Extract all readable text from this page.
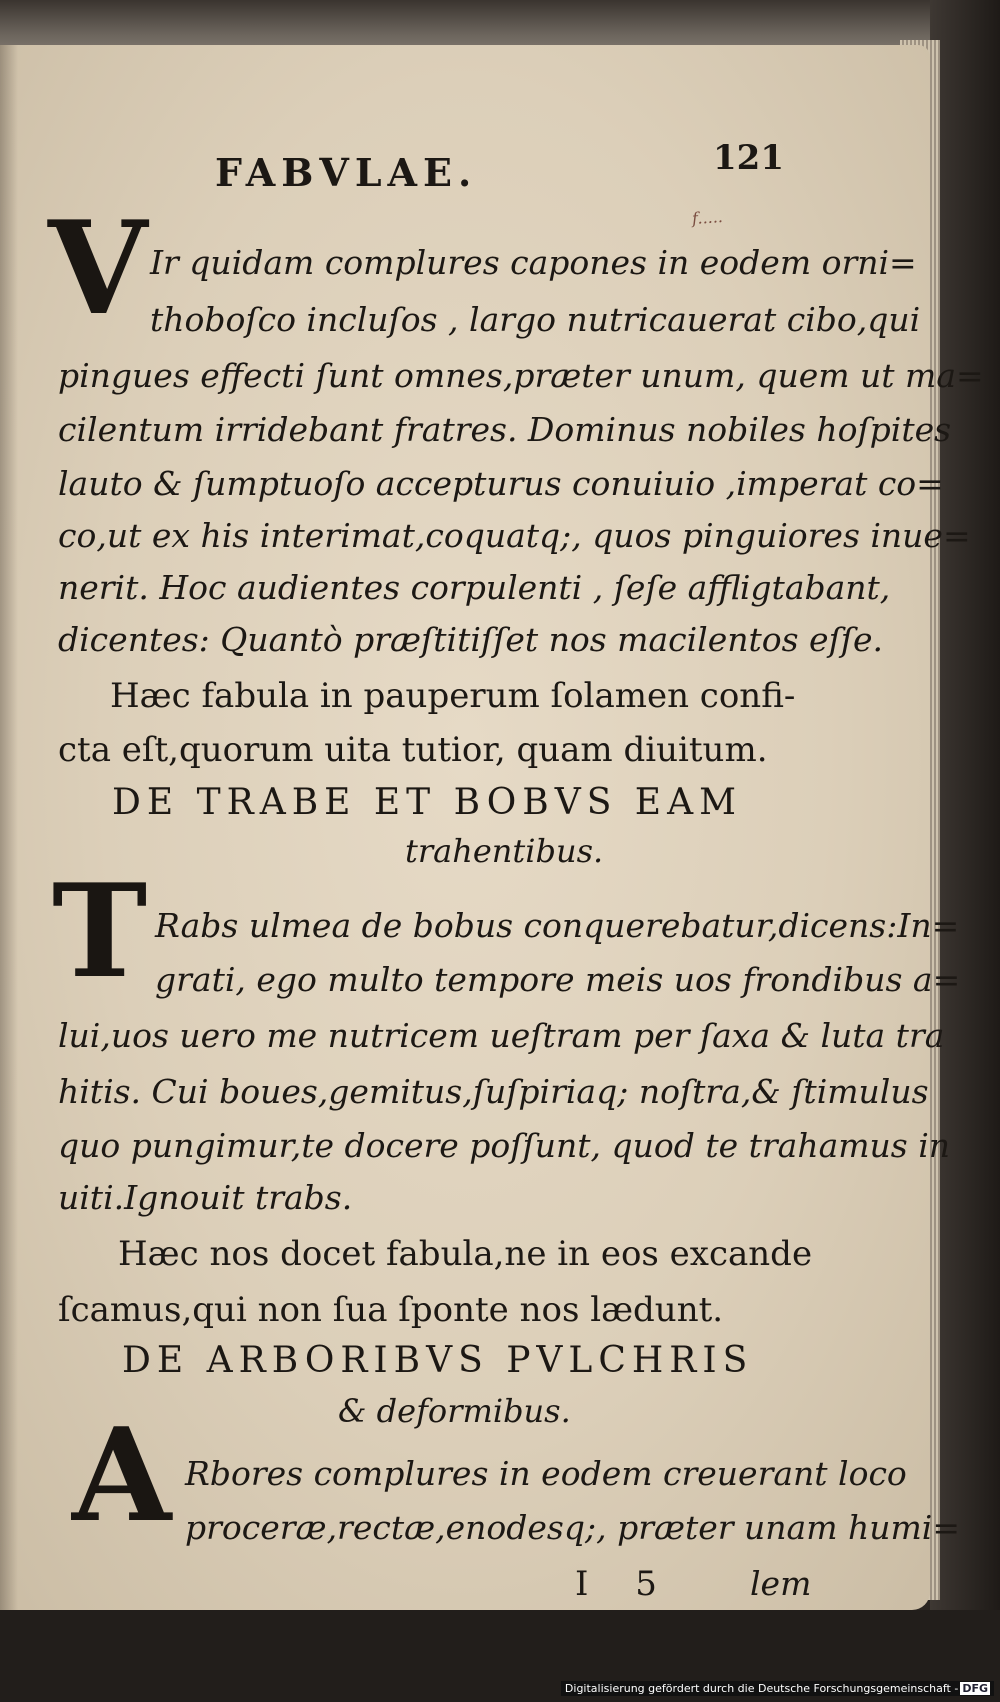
FABVLAE.	121
f.....
V Ir quidam complures capones in eodem orni=
thoboſco incluſos , largo nutricauerat cibo,qui
pingues effecti ſunt omnes,præter unum, quem ut ma=
cilentum irridebant fratres. Dominus nobiles hoſpites
lauto & ſumptuoſo accepturus conuiuio ,imperat co=
co,ut ex his interimat,coquatq;, quos pinguiores inue=
nerit. Hoc audientes corpulenti , ſeſe affligtabant,
dicentes: Quantò præſtitiſſet nos macilentos eſſe.
Hæc fabula in pauperum ſolamen confi-
cta eſt,quorum uita tutior, quam diuitum.
DE TRABE ET BOBVS EAM
trahentibus.
T Rabs ulmea de bobus conquerebatur,dicens:In=
grati, ego multo tempore meis uos frondibus a=
lui,uos uero me nutricem ueſtram per ſaxa & luta tra
hitis. Cui boues,gemitus,ſuſpiriaq; noſtra,& ſtimulus
quo pungimur,te docere poſſunt, quod te trahamus in
uiti.Ignouit trabs.
Hæc nos docet fabula,ne in eos excande
ſcamus,qui non ſua ſponte nos lædunt.
DE ARBORIBVS PVLCHRIS
& deformibus.
A Rbores complures in eodem creuerant loco
proceræ,rectæ,enodesq;, præter unam humi=
I 5 lem
Digitalisierung gefördert durch die Deutsche Forschungsgemeinschaft - DFG
